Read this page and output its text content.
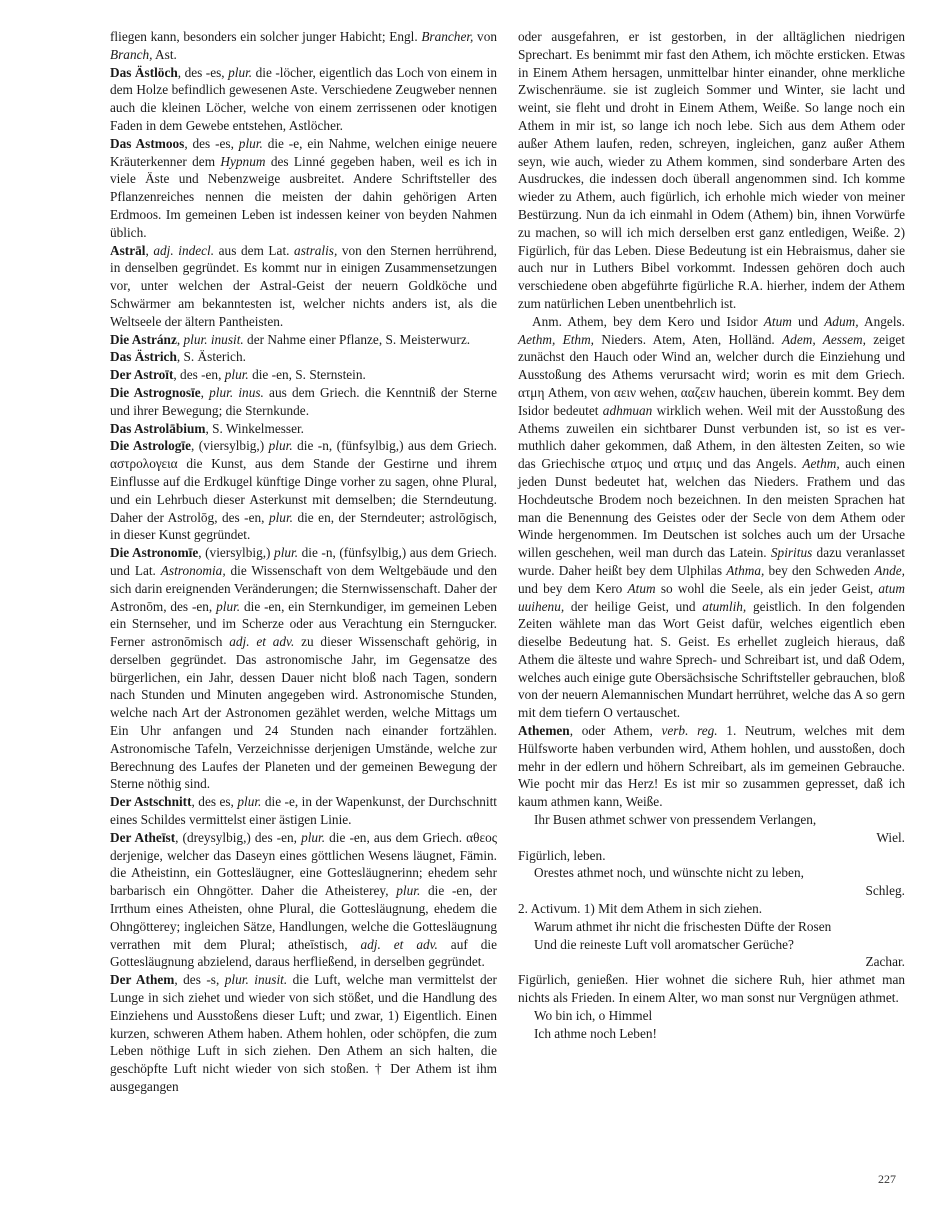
fliegen kann, besonders ein solcher junger Habicht; Engl. Brancher, von Branch, Ast.

Das Ästlöch, des -es, plur. die -löcher, eigentlich das Loch von einem in dem Holze befindlich gewesenen Aste. Verschiedene Zeugweber nennen auch die kleinen Löcher, welche von einem zerrissenen oder knotigen Faden in dem Gewebe entstehen, Astlöcher.

Das Astmoos, des -es, plur. die -e, ein Nahme, welchen einige neuere Kräuterkenner dem Hypnum des Linné gegeben haben, weil es ich in viele Äste und Nebenzweige ausbreitet. Andere Schriftsteller des Pflanzenreiches nennen die meisten der dahin gehörigen Arten Erdmoos. Im gemeinen Leben ist indessen keiner von beyden Nahmen üblich.

Astrāl, adj. indecl. aus dem Lat. astralis, von den Sternen herrührend, in denselben gegründet. Es kommt nur in einigen Zusammensetzungen vor, unter welchen der Astral-Geist der neuern Goldköche und Schwärmer am bekanntesten ist, welcher nichts anders ist, als die Weltseele der ältern Pantheisten.

Die Astránz, plur. inusit. der Nahme einer Pflanze, S. Meisterwurz.

Das Ästrich, S. Ästerich.

Der Astroīt, des -en, plur. die -en, S. Sternstein.

Die Astrognosīe, plur. inus. aus dem Griech. die Kenntniß der Sterne und ihrer Bewegung; die Sternkunde.

Das Astrolābium, S. Winkelmesser.

Die Astrologīe, (viersylbig,) plur. die -n, (fünfsylbig,) aus dem Griech. αστρολογεια die Kunst, aus dem Stande der Gestirne und ihrem Einflusse auf die Erdkugel künftige Dinge vorher zu sagen, ohne Plural, und ein Lehrbuch dieser Asterkunst mit demselben; die Sterndeutung. Daher der Astrolōg, des -en, plur. die en, der Sterndeuter; astrolōgisch, in dieser Kunst gegründet.

Die Astronomīe, (viersylbig,) plur. die -n, (fünfsylbig,) aus dem Griech. und Lat. Astronomia, die Wissenschaft von dem Weltgebäude und den sich darin ereignenden Veränderungen; die Sternwissenschaft. Daher der Astronōm, des -en, plur. die -en, ein Sternkundiger, im gemeinen Leben ein Sternseher, und im Scherze oder aus Verachtung ein Sterngucker. Ferner astronōmisch adj. et adv. zu dieser Wissenschaft gehörig, in derselben gegründet. Das astronomische Jahr, im Gegensatze des bürgerlichen, ein Jahr, dessen Dauer nicht bloß nach Tagen, sondern nach Stunden und Minuten angegeben wird. Astronomische Stunden, welche nach Art der Astronomen gezählet werden, welche Mittags um Ein Uhr anfangen und 24 Stunden nach einander fortzählen. Astronomische Tafeln, Verzeichnisse derjenigen Umstände, welche zur Berechnung des Laufes der Planeten und der gemeinen Bewegung der Sterne nöthig sind.

Der Astschnitt, des es, plur. die -e, in der Wapenkunst, der Durchschnitt eines Schildes vermittelst einer ästigen Linie.

Der Atheīst, (dreysylbig,) des -en, plur. die -en, aus dem Griech. αθεος derjenige, welcher das Daseyn eines göttlichen Wesens läugnet, Fämin. die Atheistinn, ein Gottesläugner, eine Gottesläugnerinn; ehedem sehr barbarisch ein Ohngötter. Daher die Atheisterey, plur. die -en, der Irrthum eines Atheisten, ohne Plural, die Gottesläugnung, ehedem die Ohngötterey; ingleichen Sätze, Handlungen, welche die Gottesläugnung verrathen mit dem Plural; atheīstisch, adj. et adv. auf die Gottesläugnung abzielend, daraus herfließend, in derselben gegründet.

Der Athem, des -s, plur. inusit. die Luft, welche man vermittelst der Lunge in sich ziehet und wieder von sich stößet, und die Handlung des Einziehens und Ausstoßens dieser Luft; und zwar, 1) Eigentlich. Einen kurzen, schweren Athem haben. Athem hohlen, oder schöpfen, die zum Leben nöthige Luft in sich ziehen. Den Athem an sich halten, die geschöpfte Luft nicht wieder von sich stoßen. † Der Athem ist ihm ausgegangen

oder ausgefahren, er ist gestorben, in der alltäglichen niedrigen Sprechart. Es benimmt mir fast den Athem, ich möchte ersticken. Etwas in Einem Athem hersagen, unmittelbar hinter einander, ohne merkliche Zwischenräume. sie ist zugleich Sommer und Winter, sie lacht und weint, sie fleht und droht in Einem Athem, Weiße. So lange noch ein Athem in mir ist, so lange ich noch lebe. Sich aus dem Athem oder außer Athem laufen, reden, schreyen, ingleichen, ganz außer Athem seyn, wie auch, wieder zu Athem kommen, sind sonderbare Arten des Ausdruckes, die indessen doch überall angenommen sind. Ich komme wieder zu Athem, auch figürlich, ich erhohle mich wieder von meiner Bestürzung. Nun da ich einmahl in Odem (Athem) bin, ihnen Vorwürfe zu machen, so will ich mich derselben erst ganz entledigen, Weiße. 2) Figürlich, für das Leben. Diese Bedeutung ist ein Hebraismus, daher sie auch nur in Luthers Bibel vorkommt. Indessen gehören doch auch verschiedene oben abgeführte figürliche R.A. hierher, indem der Athem zum natürlichen Leben unentbehrlich ist.

Anm. Athem, bey dem Kero und Isidor Atum und Adum, Angels. Aethm, Ethm, Nieders. Atem, Aten, Holländ. Adem, Aessem, zeiget zunächst den Hauch oder Wind an, welcher durch die Einziehung und Ausstoßung des Athems verursacht wird; worin es mit dem Griech. ατμη Athem, von αειν wehen, ααζειν hauchen, überein kommt. Bey dem Isidor bedeutet adhmuan wirklich wehen. Weil mit der Ausstoßung des Athems zuweilen ein sichtbarer Dunst verbunden ist, so ist es vermuthlich daher gekommen, daß Athem, in den ältesten Zeiten, so wie das Griechische ατμος und ατμις und das Angels. Aethm, auch einen jeden Dunst bedeutet hat, welchen das Nieders. Frathem und das Hochdeutsche Brodem noch bezeichnen. In den meisten Sprachen hat man die Benennung des Geistes oder der Secle von dem Athem oder Winde hergenommen. Im Deutschen ist solches auch um der Ursache willen geschehen, weil man durch das Latein. Spiritus dazu veranlasset wurde. Daher heißt bey dem Ulphilas Athma, bey den Schweden Ande, und bey dem Kero Atum so wohl die Seele, als ein jeder Geist, atum uuihenu, der heilige Geist, und atumlih, geistlich. In den folgenden Zeiten wählete man das Wort Geist dafür, welches eigentlich eben dieselbe Bedeutung hat. S. Geist. Es erhellet zugleich hieraus, daß Athem die älteste und wahre Sprech- und Schreibart ist, und daß Odem, welches auch einige gute Obersächsische Schriftsteller gebrauchen, bloß von der neuern Alemannischen Mundart herrühret, welche das A so gern mit dem tiefern O vertauschet.

Athemen, oder Athem, verb. reg. 1. Neutrum, welches mit dem Hülfsworte haben verbunden wird, Athem hohlen, und ausstoßen, doch mehr in der edlern und höhern Schreibart, als im gemeinen Gebrauche. Wie pocht mir das Herz! Es ist mir so zusammen gepresset, daß ich kaum athmen kann, Weiße.

Ihr Busen athmet schwer von pressendem Verlangen,

Wiel.

Figürlich, leben.

Orestes athmet noch, und wünschte nicht zu leben,

Schleg.

2. Activum. 1) Mit dem Athem in sich ziehen.

Warum athmet ihr nicht die frischesten Düfte der Rosen

Und die reineste Luft voll aromatscher Gerüche?

Zachar.

Figürlich, genießen. Hier wohnet die sichere Ruh, hier athmet man nichts als Frieden. In einem Alter, wo man sonst nur Vergnügen athmet.

Wo bin ich, o Himmel

Ich athme noch Leben!

227
